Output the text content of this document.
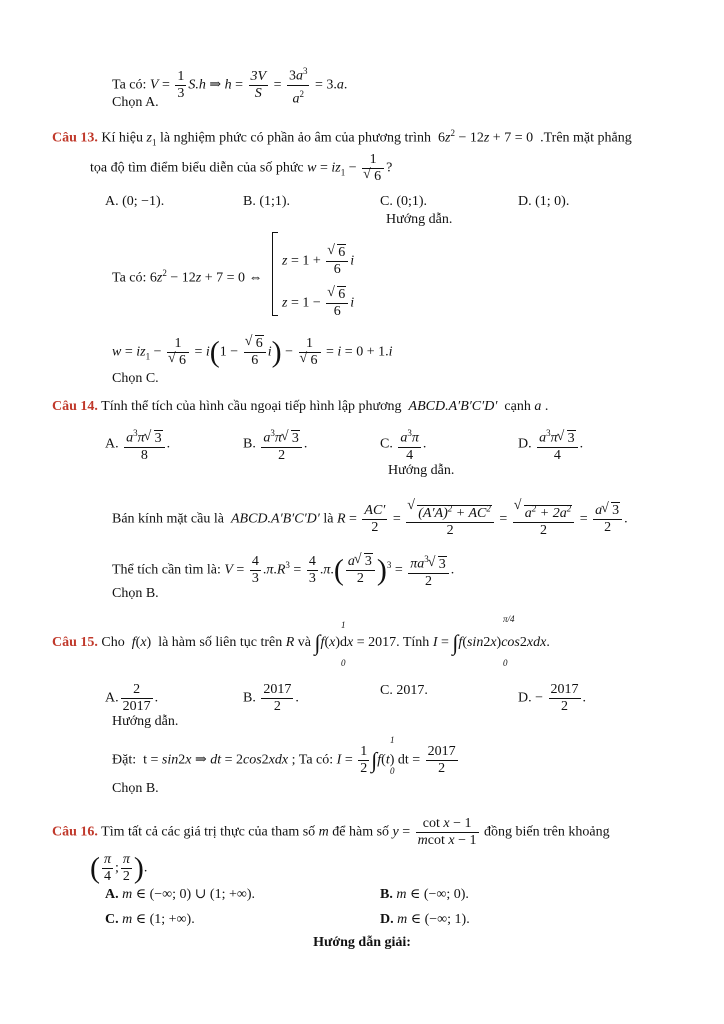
Ta có: $V = \frac{1}{3} S.h$ ⇒ $h = \frac{3V}{S} = \frac{3a^3}{a^2} = 3.a$.
Chọn A.
Câu 13. Kí hiệu $z_1$ là nghiệm phức có phần ảo âm của phương trình  $6z^2 - 12z + 7 = 0$  .Trên mặt phẳng
tọa độ tìm điểm biểu diễn của số phức $w = iz_1 - 1$
√ 6 ?
A. (0; −1).	B. (1;1).	C. (0;1).	D. (1; 0).
Hướng dẫn.
Ta có: $6z^2 - 12z + 7 = 0$ ⇔
z = 1 + √ $\frac{6}{6}$ i
z = 1 − √ $\frac{6}{6}$ i
$w = iz_1 - 1$
√ 6 = i(1 − √ $\frac{6}{6} i) - 1$
√ 6 = i = 0 + 1.i
Chọn C.
Câu 14. Tính thể tích của hình cầu ngoại tiếp hình lập phương ABCD.A′B′C′D′ cạnh a .
A. $\frac{a^3\pi √ 3}{8}$ .	B. $\frac{a^3\pi √ 3}{2}$ .	C. $\frac{a^3\pi}{4}$ .	D. $\frac{a^3\pi √ 3}{4}$ .
Hướng dẫn.
Bán kính mặt cầu là ABCD.A′B′C′D′ là $R = \frac{AC'}{2}$ = √ $\frac{(A'A)^2 + AC^2}{2}$ = √ $\frac{a^2 + 2a^2}{2} = \frac{a √ 3}{2}$ .
Thể tích cần tìm là: $V = \frac{4}{3} .\pi.R^3 = \frac{4}{3} .\pi.( \frac{a √ 3}{2} )^3 = \frac{\pi a^3 √ 3}{2}$ .
Chọn B.
Câu 15. Cho f(x)  là hàm số liên tục trên R và ∫f(x)dx = 2017. Tính I = ∫f(sin2x)cos2xdx.
1
0
π/4
0
A. $\frac{2}{2017}$ .	B. $\frac{2017}{2}$ .
C. 2017.
D. − $\frac{2017}{2}$ .
Hướng dẫn.
Đặt:  t = sin2x ⇒ dt = 2cos2xdx ; Ta có: $I = \frac{1}{2} \int f(t)$ dt = $\frac{2017}{2}$
1
0
Chọn B.
Câu 16. Tìm tất cả các giá trị thực của tham số m để hàm số $y = \frac{\text{cot x − 1}}{\text{mcot x − 1}}$ đồng biến trên khoảng
( $\frac{\pi}{4}$ ; $\frac{\pi}{2}$ ).
A. m ∈ (−∞; 0) ∪ (1; +∞).	B. m ∈ (−∞; 0).
C. m ∈ (1; +∞).	D. m ∈ (−∞; 1).
Hướng dẫn giải:
